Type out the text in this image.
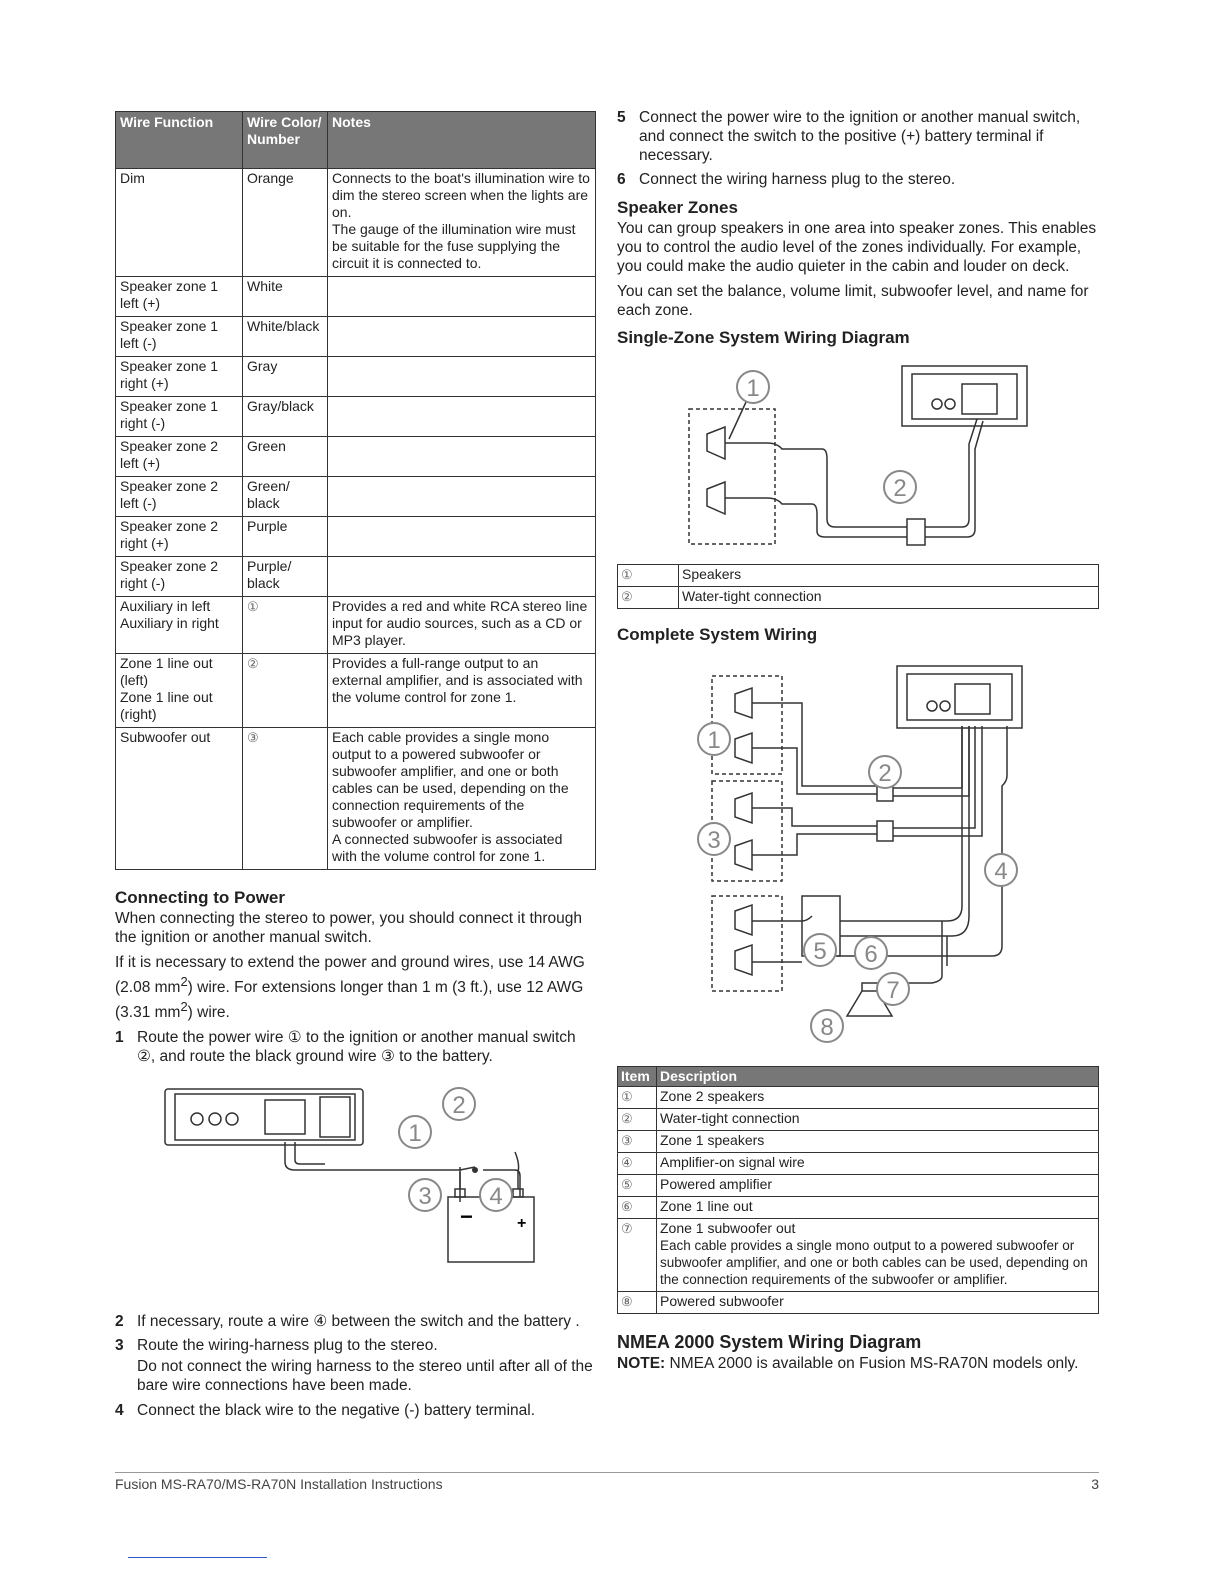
Wire Function	Wire Color/ Number	Notes
Dim	Orange	Connects to the boat's illumination wire to dim the stereo screen when the lights are on.
The gauge of the illumination wire must be suitable for the fuse supplying the circuit it is connected to.

Speaker zone 1 left (+)	White	

Speaker zone 1 left (-)	White/black	

Speaker zone 1 right (+)	Gray	

Speaker zone 1 right (-)	Gray/black	

Speaker zone 2 left (+)	Green	

Speaker zone 2 left (-)	Green/ black	

Speaker zone 2 right (+)	Purple	

Speaker zone 2 right (-)	Purple/ black	

Auxiliary in left
Auxiliary in right	①	Provides a red and white RCA stereo line input for audio sources, such as a CD or MP3 player.

Zone 1 line out (left)
Zone 1 line out (right)	②	Provides a full-range output to an external amplifier, and is associated with the volume control for zone 1.

Subwoofer out	③	Each cable provides a single mono output to a powered subwoofer or subwoofer amplifier, and one or both cables can be used, depending on the connection requirements of the subwoofer or amplifier.
A connected subwoofer is associated with the volume control for zone 1.
Connecting to Power

When connecting the stereo to power, you should connect it through the ignition or another manual switch.

If it is necessary to extend the power and ground wires, use 14 AWG (2.08 $mm^2$) wire. For extensions longer than 1 m (3 ft.), use 12 AWG (3.31 $mm^2$) wire.

1 Route the power wire ① to the ignition or another manual switch ②, and route the black ground wire ③ to the battery.
−	+
1
2
3 4
2 If necessary, route a wire ④ between the switch and the battery .
3 Route the wiring-harness plug to the stereo.

Do not connect the wiring harness to the stereo until after all of the bare wire connections have been made.

4 Connect the black wire to the negative (-) battery terminal.
5 Connect the power wire to the ignition or another manual switch, and connect the switch to the positive (+) battery terminal if necessary.
6 Connect the wiring harness plug to the stereo.
Speaker Zones

You can group speakers in one area into speaker zones. This enables you to control the audio level of the zones individually. For example, you could make the audio quieter in the cabin and louder on deck.

You can set the balance, volume limit, subwoofer level, and name for each zone.

Single-Zone System Wiring Diagram
1
2
①	Speakers
②	Water-tight connection
Complete System Wiring
1
2
3
4
5 6
7
8
Item	Description
①	Zone 2 speakers

②	Water-tight connection

③	Zone 1 speakers

④	Amplifier-on signal wire

⑤	Powered amplifier

⑥	Zone 1 line out

⑦	Zone 1 subwoofer out
Each cable provides a single mono output to a powered subwoofer or subwoofer amplifier, and one or both cables can be used, depending on the connection requirements of the subwoofer or amplifier.

⑧	Powered subwoofer
NMEA 2000 System Wiring Diagram

NOTE: NMEA 2000 is available on Fusion MS-RA70N models only.

Fusion MS-RA70/MS-RA70N Installation Instructions	3
